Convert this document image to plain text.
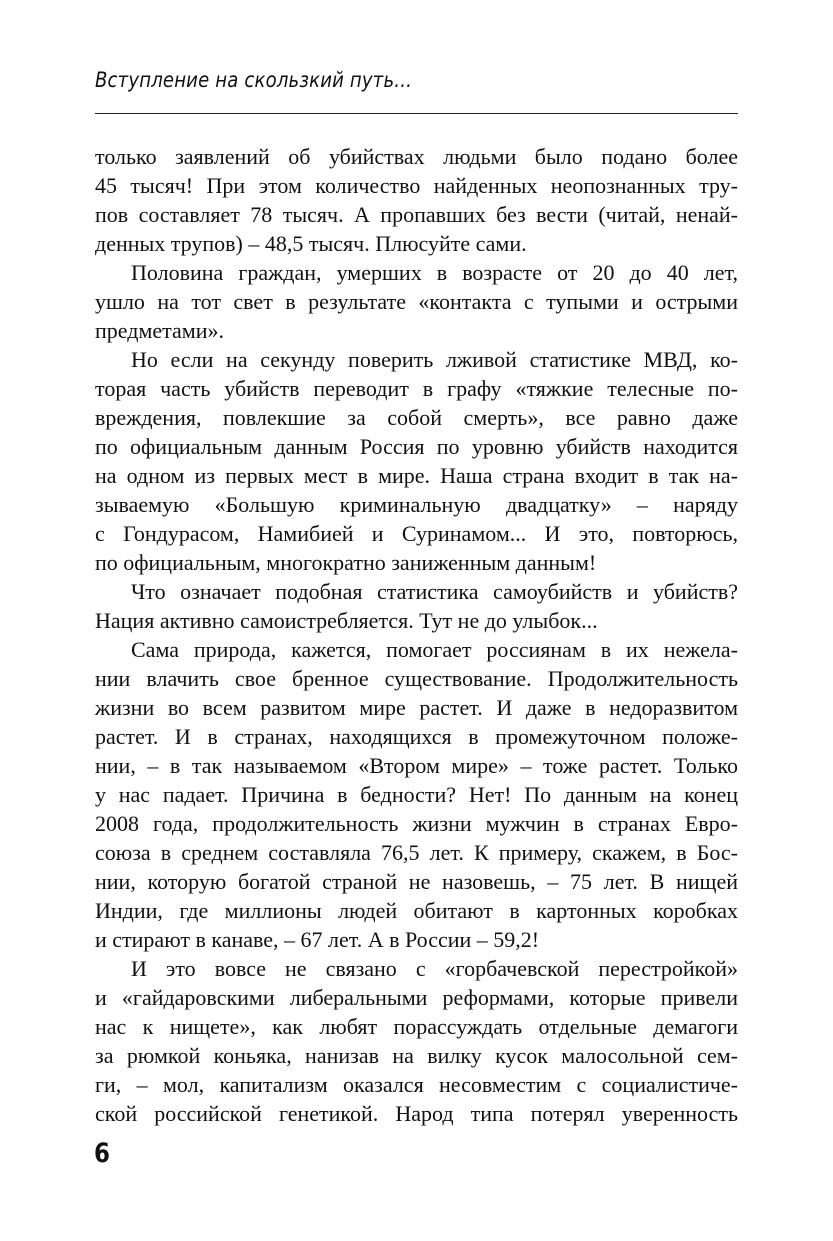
Вступление на скользкий путь...
только заявлений об убийствах людьми было подано более
45 тысяч! При этом количество найденных неопознанных тру-
пов составляет 78 тысяч. А пропавших без вести (читай, ненай-
денных трупов) – 48,5 тысяч. Плюсуйте сами.
Половина граждан, умерших в возрасте от 20 до 40 лет,
ушло на тот свет в результате «контакта с тупыми и острыми
предметами».
Но если на секунду поверить лживой статистике МВД, ко-
торая часть убийств переводит в графу «тяжкие телесные по-
вреждения, повлекшие за собой смерть», все равно даже
по официальным данным Россия по уровню убийств находится
на одном из первых мест в мире. Наша страна входит в так на-
зываемую «Большую криминальную двадцатку» – наряду
с Гондурасом, Намибией и Суринамом... И это, повторюсь,
по официальным, многократно заниженным данным!
Что означает подобная статистика самоубийств и убийств?
Нация активно самоистребляется. Тут не до улыбок...
Сама природа, кажется, помогает россиянам в их нежела-
нии влачить свое бренное существование. Продолжительность
жизни во всем развитом мире растет. И даже в недоразвитом
растет. И в странах, находящихся в промежуточном положе-
нии, – в так называемом «Втором мире» – тоже растет. Только
у нас падает. Причина в бедности? Нет! По данным на конец
2008 года, продолжительность жизни мужчин в странах Евро-
союза в среднем составляла 76,5 лет. К примеру, скажем, в Бос-
нии, которую богатой страной не назовешь, – 75 лет. В нищей
Индии, где миллионы людей обитают в картонных коробках
и стирают в канаве, – 67 лет. А в России – 59,2!
И это вовсе не связано с «горбачевской перестройкой»
и «гайдаровскими либеральными реформами, которые привели
нас к нищете», как любят порассуждать отдельные демагоги
за рюмкой коньяка, нанизав на вилку кусок малосольной сем-
ги, – мол, капитализм оказался несовместим с социалистиче-
ской российской генетикой. Народ типа потерял уверенность
6
